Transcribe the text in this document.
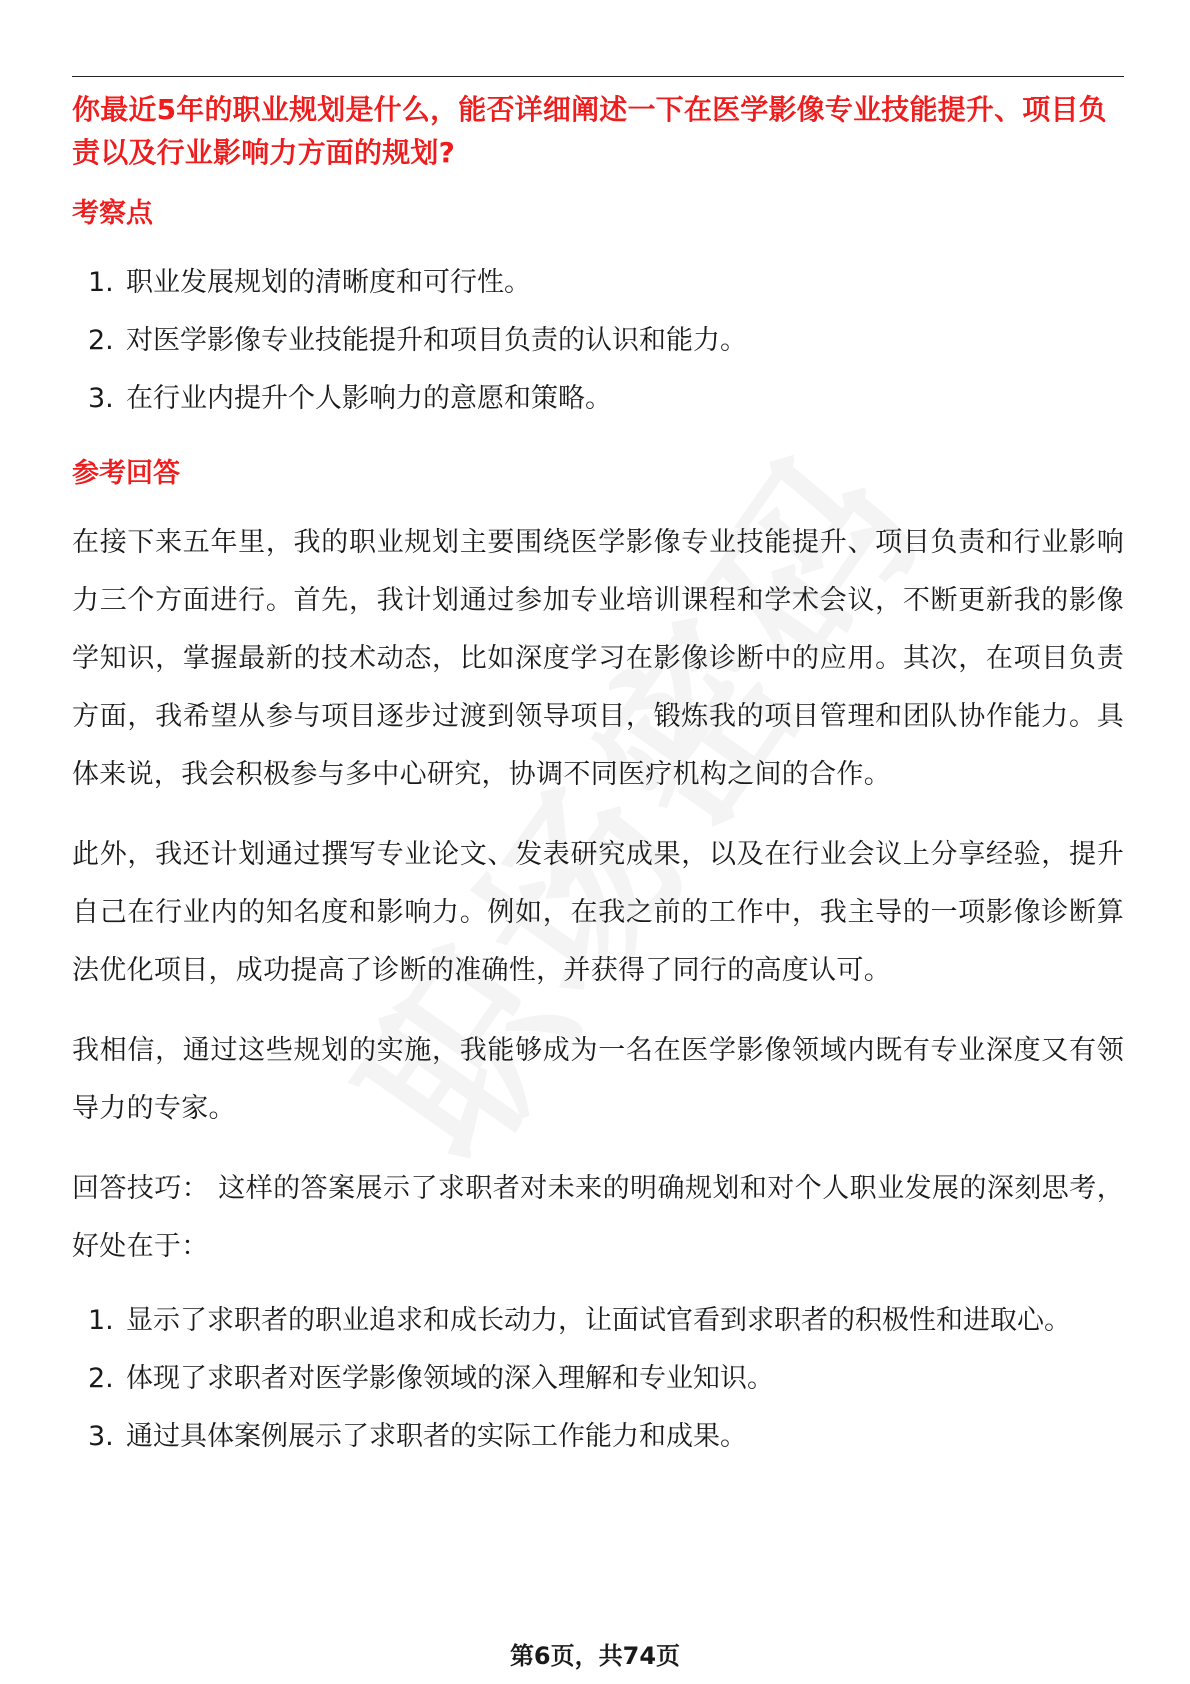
你最近5年的职业规划是什么，能否详细阐述一下在医学影像专业技能提升、项目负责以及行业影响力方面的规划?
考察点
1. 职业发展规划的清晰度和可行性。
2. 对医学影像专业技能提升和项目负责的认识和能力。
3. 在行业内提升个人影响力的意愿和策略。
参考回答

在接下来五年里，我的职业规划主要围绕医学影像专业技能提升、项目负责和行业影响力三个方面进行。首先，我计划通过参加专业培训课程和学术会议，不断更新我的影像学知识，掌握最新的技术动态，比如深度学习在影像诊断中的应用。其次，在项目负责方面，我希望从参与项目逐步过渡到领导项目，锻炼我的项目管理和团队协作能力。具体来说，我会积极参与多中心研究，协调不同医疗机构之间的合作。

此外，我还计划通过撰写专业论文、发表研究成果，以及在行业会议上分享经验，提升自己在行业内的知名度和影响力。例如，在我之前的工作中，我主导的一项影像诊断算法优化项目，成功提高了诊断的准确性，并获得了同行的高度认可。

我相信，通过这些规划的实施，我能够成为一名在医学影像领域内既有专业深度又有领导力的专家。

回答技巧： 这样的答案展示了求职者对未来的明确规划和对个人职业发展的深刻思考，好处在于：

1. 显示了求职者的职业追求和成长动力，让面试官看到求职者的积极性和进取心。
2. 体现了求职者对医学影像领域的深入理解和专业知识。
3. 通过具体案例展示了求职者的实际工作能力和成果。
第6页，共74页
